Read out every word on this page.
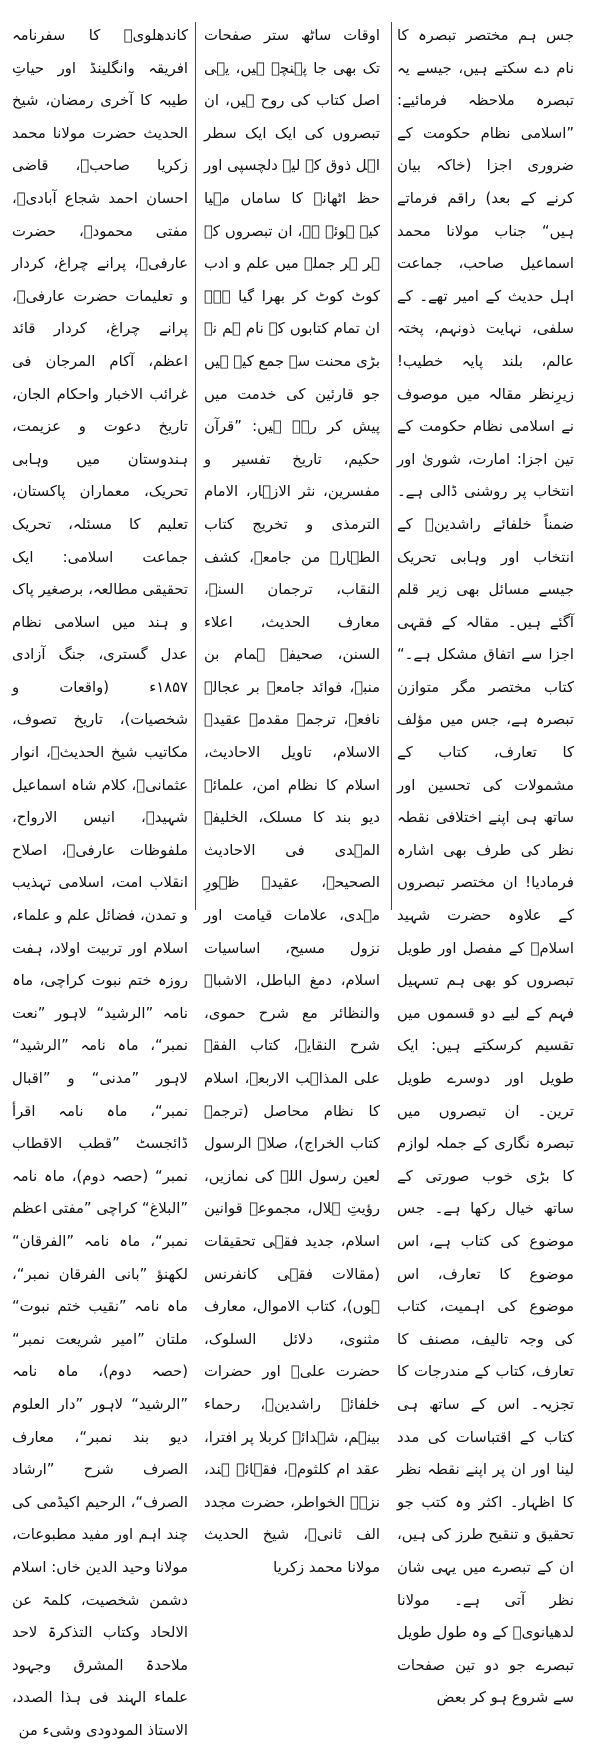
جس ہم مختصر تبصرہ کا نام دے سکتے ہیں، جیسے یہ تبصرہ ملاحظہ فرمائیے: ”اسلامی نظام حکومت کے ضروری اجزا (خاکہ بیان کرنے کے بعد) راقم فرماتے ہیں“ جناب مولانا محمد اسماعیل صاحب، جماعت اہل حدیث کے امیر تھے۔ کے سلفی، نہایت ذونہم، پختہ عالم، بلند پایہ خطیب! زیرِنظر مقالہ میں موصوف نے اسلامی نظام حکومت کے تین اجزا: امارت، شوریٰ اور انتخاب پر روشنی ڈالی ہے۔ ضمناً خلفائے راشدینؓ کے انتخاب اور وہابی تحریک جیسے مسائل بھی زیر قلم آگئے ہیں۔ مقالہ کے فقہی اجزا سے اتفاق مشکل ہے۔“ کتاب مختصر مگر متوازن تبصرہ ہے، جس میں مؤلف کا تعارف، کتاب کے مشمولات کی تحسین اور ساتھ ہی اپنے اختلافی نقطہ نظر کی طرف بھی اشارہ فرمادیا! ان مختصر تبصروں کے علاوہ حضرت شہید اسلامؒ کے مفصل اور طویل تبصروں کو بھی ہم تسہیل فہم کے لیے دو قسموں میں تقسیم کرسکتے ہیں: ایک طویل اور دوسرے طویل ترین۔ ان تبصروں میں تبصرہ نگاری کے جملہ لوازم کا بڑی خوب صورتی کے ساتھ خیال رکھا ہے۔ جس موضوع کی کتاب ہے، اس موضوع کا تعارف، اس موضوع کی اہمیت، کتاب کی وجہ تالیف، مصنف کا تعارف، کتاب کے مندرجات کا تجزیہ۔ اس کے ساتھ ہی کتاب کے اقتباسات کی مدد لینا اور ان پر اپنے نقطہ نظر کا اظہار۔ اکثر وہ کتب جو تحقیق و تنقیح طرز کی ہیں، ان کے تبصرے میں یہی شان نظر آتی ہے۔ مولانا لدھیانویؒ کے وہ طول طویل تبصرے جو دو تین صفحات سے شروع ہو کر بعض

اوقات ساٹھ ستر صفحات تک بھی جا پہنچے ہیں، یہی اصل کتاب کی روح ہیں، ان تبصروں کی ایک ایک سطر اہل ذوق کے لیے دلچسپی اور حظ اٹھانے کا ساماں مہیا کیے ہوئے ہے، ان تبصروں کے ہر ہر جملے میں علم و ادب کوٹ کوٹ کر بھرا گیا ہے۔ ان تمام کتابوں کے نام ہم نے بڑی محنت سے جمع کیے ہیں جو قارئین کی خدمت میں پیش کر رہے ہیں: ”قرآن حکیم، تاریخ تفسیر و مفسرین، نثر الازہار، الامام الترمذی و تخریج کتاب الطہارۃ من جامعہ، کشف النقاب، ترجمان السنۃ، معارف الحدیث، اعلاء السنن، صحیفہ ہمام بن منبہ، فوائد جامعہ بر عجالۂ نافعہ، ترجمہ مقدمہ عقیدۃ الاسلام، تاویل الاحادیث، اسلام کا نظام امن، علمائے دیو بند کا مسلک، الخلیفۃ المہدی فی الاحادیث الصحیحۃ، عقیدۂ ظہورِ مہدی، علامات قیامت اور نزول مسیح، اساسیات اسلام، دمغ الباطل، الاشباہ والنظائر مع شرح حموی، شرح النقایۃ، کتاب الفقہ علی المذاہب الاربعۃ، اسلام کا نظام محاصل (ترجمہ کتاب الخراج)، صلاۃ الرسول لعین رسول اللہ کی نمازیں، رؤیتِ ہلال، مجموعہ قوانین اسلام، جدید فقہی تحقیقات (مقالات فقہی کانفرنس ہوں)، کتاب الاموال، معارف مثنوی، دلائل السلوک، حضرت علیؓ اور حضرات خلفائے راشدینؓ، رحماء بینہم، شہدائے کربلا پر افترا، عقد ام کلثومؓ، فقہائے ہند، نزہۃ الخواطر، حضرت مجدد الف ثانیؒ، شیخ الحدیث مولانا محمد زکریا

کاندھلویؒ کا سفرنامہ افریقہ وانگلینڈ اور حیاتِ طیبہ کا آخری رمضان، شیخ الحدیث حضرت مولانا محمد زکریا صاحبؒ، قاضی احسان احمد شجاع آبادیؒ، مفتی محمودؒ، حضرت عارفیؒ، پرانے چراغ، کردار و تعلیمات حضرت عارفیؒ، پرانے چراغ، کردار قائد اعظم، آکام المرجان فی غرائب الاخبار واحکام الجان، تاریخ دعوت و عزیمت، ہندوستان میں وہابی تحریک، معماران پاکستان، تعلیم کا مسئلہ، تحریک جماعت اسلامی: ایک تحقیقی مطالعہ، برصغیر پاک و ہند میں اسلامی نظام عدل گستری، جنگ آزادی ۱۸۵۷ء (واقعات و شخصیات)، تاریخ تصوف، مکاتیب شیخ الحدیثؒ، انوار عثمانیؒ، کلام شاہ اسماعیل شہیدؒ، انیس الارواح، ملفوظات عارفیؒ، اصلاح انقلاب امت، اسلامی تہذیب و تمدن، فضائل علم و علماء، اسلام اور تربیت اولاد، ہفت روزہ ختم نبوت کراچی، ماہ نامہ ”الرشید“ لاہور ”نعت نمبر“، ماہ نامہ ”الرشید“ لاہور ”مدنی“ و ”اقبال نمبر“، ماہ نامہ اقرأ ڈائجسٹ ”قطب الاقطاب نمبر“ (حصہ دوم)، ماہ نامہ ”البلاغ“ کراچی ”مفتی اعظم نمبر“، ماہ نامہ ”الفرقان“ لکھنؤ ”بانی الفرقان نمبر“، ماہ نامہ ”نقیب ختم نبوت“ ملتان ”امیر شریعت نمبر“ (حصہ دوم)، ماہ نامہ ”الرشید“ لاہور ”دار العلوم دیو بند نمبر“، معارف الصرف شرح ”ارشاد الصرف“، الرحیم اکیڈمی کی چند اہم اور مفید مطبوعات، مولانا وحید الدین خاں: اسلام دشمن شخصیت، کلمۃ عن الالحاد وکتاب التذکرۃ لاحد ملاحدۃ المشرق وجہود علماء الہند فی ہذا الصدد، الاستاذ المودودی وشیء من
